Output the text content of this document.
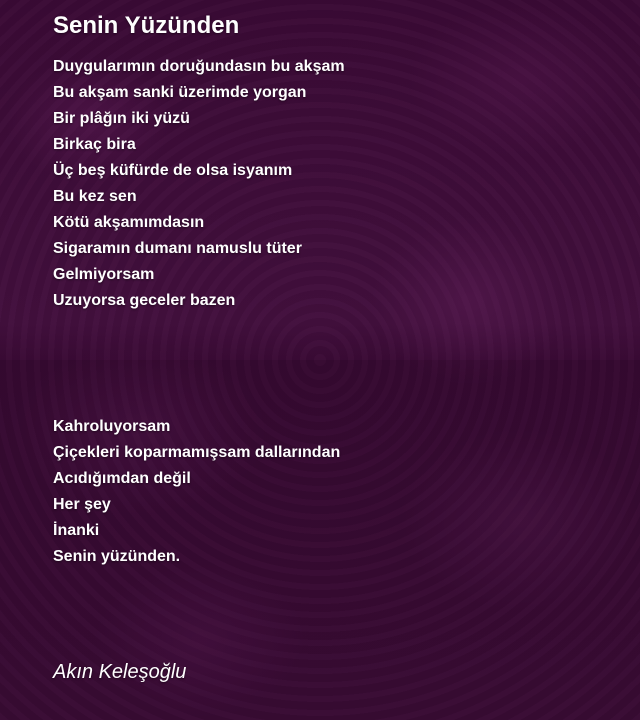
Senin Yüzünden
Duygularımın doruğundasın bu akşam
Bu akşam sanki üzerimde yorgan
Bir plâğın iki yüzü
Birkaç bira
Üç beş küfürde de olsa isyanım
Bu kez sen
Kötü akşamımdasın
Sigaramın dumanı namuslu tüter
Gelmiyorsam
Uzuyorsa geceler bazen
Kahroluyorsam
Çiçekleri koparmamışsam dallarından
Acıdığımdan değil
Her şey
İnanki
Senin yüzünden.
Akın Keleşoğlu
